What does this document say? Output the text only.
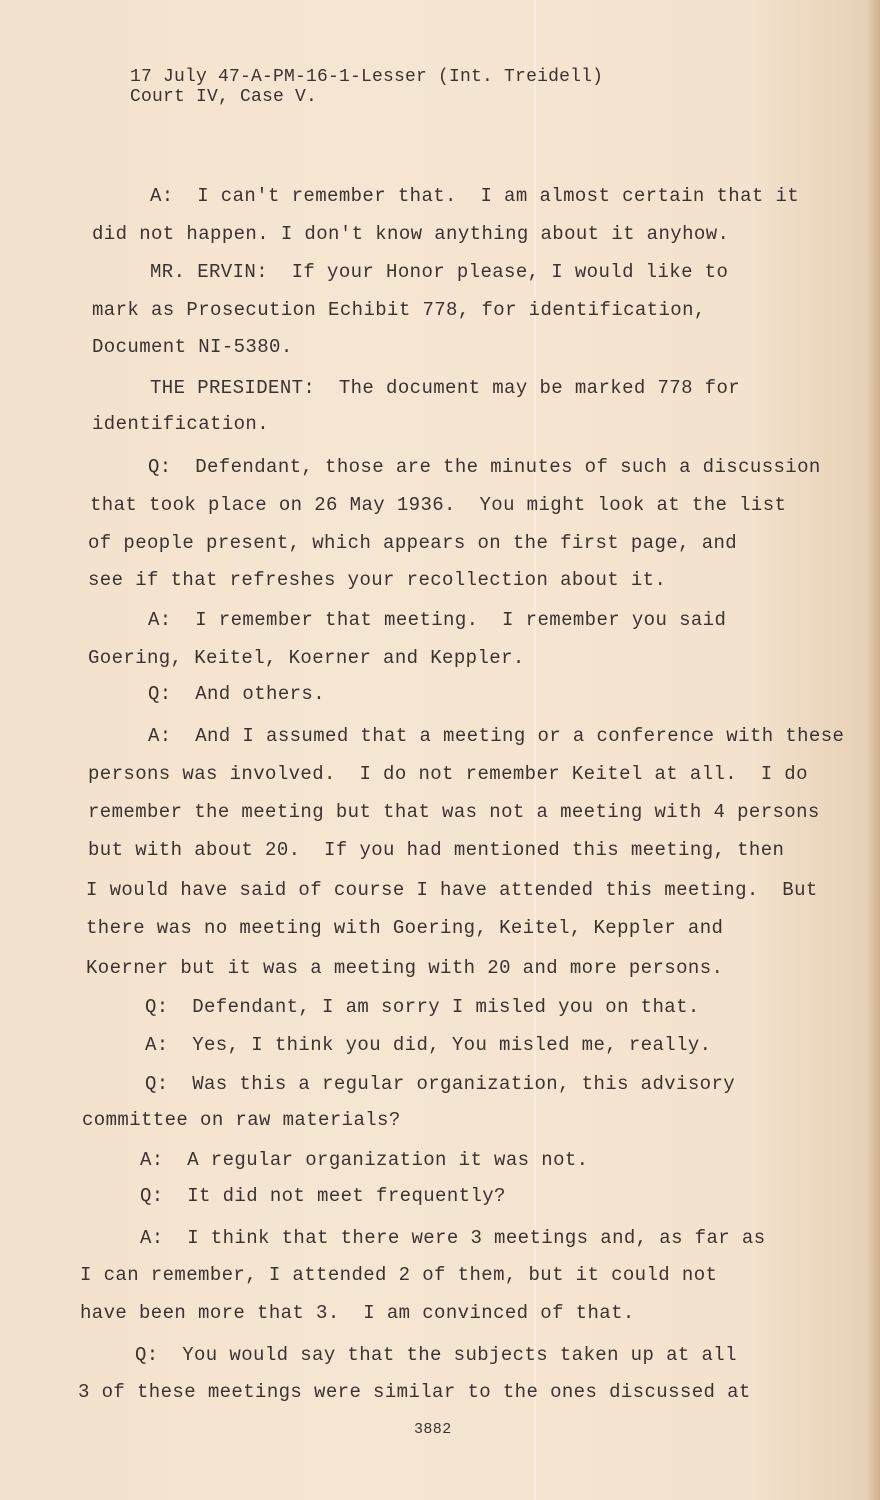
17 July 47-A-PM-16-1-Lesser (Int. Treidell)
Court IV, Case V.
A:  I can't remember that.  I am almost certain that it
did not happen. I don't know anything about it anyhow.
MR. ERVIN:  If your Honor please, I would like to
mark as Prosecution Echibit 778, for identification,
Document NI-5380.
THE PRESIDENT:  The document may be marked 778 for
identification.
Q:  Defendant, those are the minutes of such a discussion
that took place on 26 May 1936.  You might look at the list
of people present, which appears on the first page, and
see if that refreshes your recollection about it.
A:  I remember that meeting.  I remember you said
Goering, Keitel, Koerner and Keppler.
Q:  And others.
A:  And I assumed that a meeting or a conference with these
persons was involved.  I do not remember Keitel at all.  I do
remember the meeting but that was not a meeting with 4 persons
but with about 20.  If you had mentioned this meeting, then
I would have said of course I have attended this meeting.  But
there was no meeting with Goering, Keitel, Keppler and
Koerner but it was a meeting with 20 and more persons.
Q:  Defendant, I am sorry I misled you on that.
A:  Yes, I think you did, You misled me, really.
Q:  Was this a regular organization, this advisory
committee on raw materials?
A:  A regular organization it was not.
Q:  It did not meet frequently?
A:  I think that there were 3 meetings and, as far as
I can remember, I attended 2 of them, but it could not
have been more that 3.  I am convinced of that.
Q:  You would say that the subjects taken up at all
3 of these meetings were similar to the ones discussed at
3882
